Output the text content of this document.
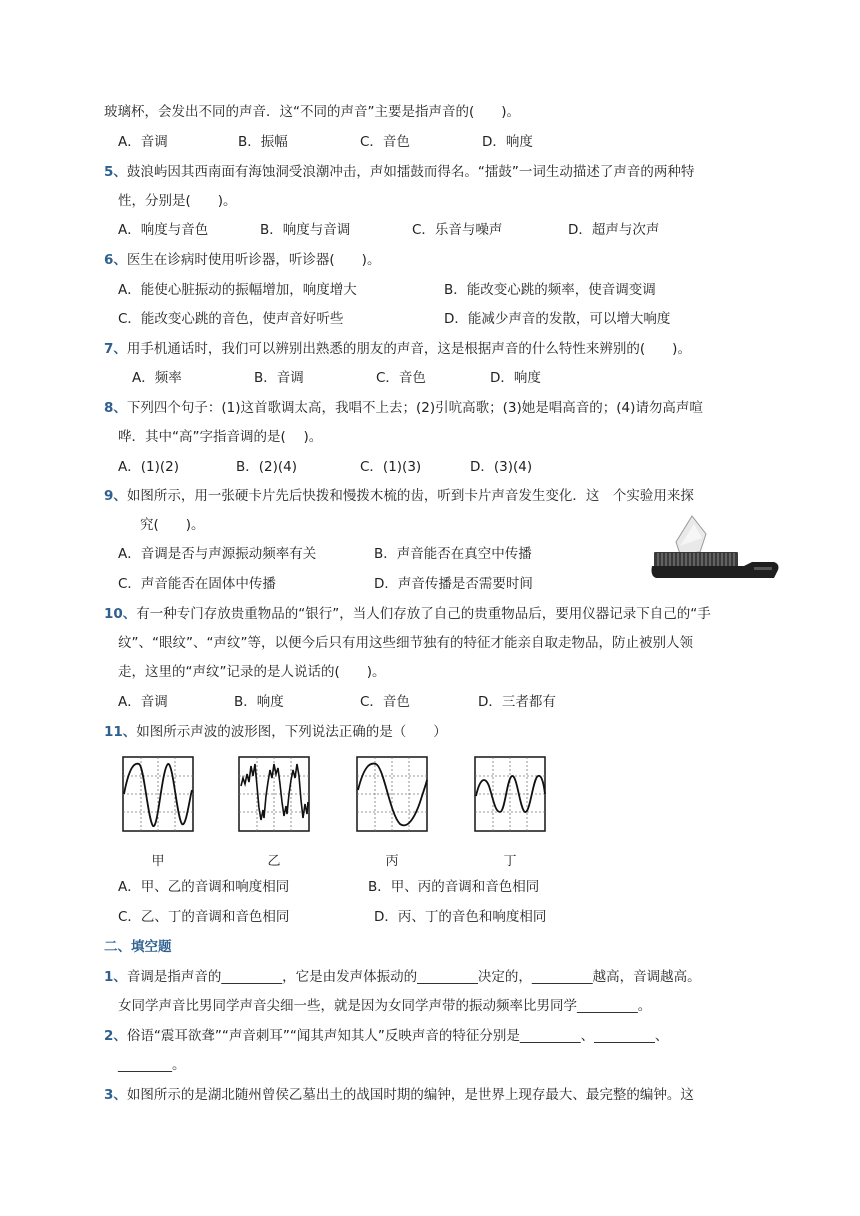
玻璃杯，会发出不同的声音．这“不同的声音”主要是指声音的(　　)。
A．音调	B．振幅	C．音色	D．响度
5、鼓浪屿因其西南面有海蚀洞受浪潮冲击，声如擂鼓而得名。“擂鼓”一词生动描述了声音的两种特
性，分别是(　　)。
A．响度与音色	B．响度与音调	C．乐音与噪声	D．超声与次声
6、医生在诊病时使用听诊器，听诊器(　　)。
A．能使心脏振动的振幅增加，响度增大	B．能改变心跳的频率，使音调变调
C．能改变心跳的音色，使声音好听些	D．能减少声音的发散，可以增大响度
7、用手机通话时，我们可以辨别出熟悉的朋友的声音，这是根据声音的什么特性来辨别的(　　)。
A．频率	B．音调	C．音色	D．响度
8、下列四个句子：(1)这首歌调太高，我唱不上去；(2)引吭高歌；(3)她是唱高音的；(4)请勿高声喧
哗．其中“高”字指音调的是(　 )。
A．(1)(2)	B．(2)(4)	C．(1)(3)	D．(3)(4)
9、如图所示，用一张硬卡片先后快拨和慢拨木梳的齿，听到卡片声音发生变化．这　个实验用来探
究(　　)。
A．音调是否与声源振动频率有关	B．声音能否在真空中传播
C．声音能否在固体中传播	D．声音传播是否需要时间
10、有一种专门存放贵重物品的“银行”，当人们存放了自己的贵重物品后，要用仪器记录下自己的“手
纹”、“眼纹”、“声纹”等，以便今后只有用这些细节独有的特征才能亲自取走物品，防止被别人领
走，这里的“声纹”记录的是人说话的(　　)。
A．音调	B．响度	C．音色	D．三者都有
11、如图所示声波的波形图，下列说法正确的是（　　）
甲	乙	丙	丁
A．甲、乙的音调和响度相同	B．甲、丙的音调和音色相同
C．乙、丁的音调和音色相同	D．丙、丁的音色和响度相同
二、填空题
1、音调是指声音的_________，它是由发声体振动的_________决定的，_________越高，音调越高。
女同学声音比男同学声音尖细一些，就是因为女同学声带的振动频率比男同学_________。
2、俗语“震耳欲聋”“声音刺耳”“闻其声知其人”反映声音的特征分别是_________、_________、
________。
3、如图所示的是湖北随州曾侯乙墓出土的战国时期的编钟，是世界上现存最大、最完整的编钟。这
